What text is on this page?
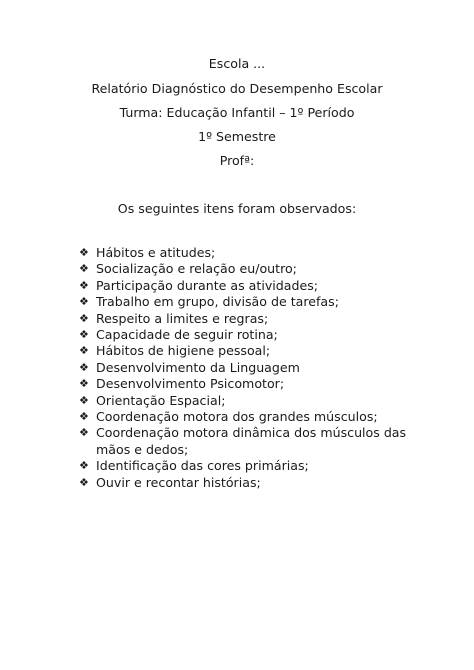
Escola ...
Relatório Diagnóstico do Desempenho Escolar
Turma: Educação Infantil – 1º Período
1º Semestre
Profª:
Os seguintes itens foram observados:
❖ Hábitos e atitudes;
❖ Socialização e relação eu/outro;
❖ Participação durante as atividades;
❖ Trabalho em grupo, divisão de tarefas;
❖ Respeito a limites e regras;
❖ Capacidade de seguir rotina;
❖ Hábitos de higiene pessoal;
❖ Desenvolvimento da Linguagem
❖ Desenvolvimento Psicomotor;
❖ Orientação Espacial;
❖ Coordenação motora dos grandes músculos;
❖ Coordenação motora dinâmica dos músculos das mãos e dedos;
❖ Identificação das cores primárias;
❖ Ouvir e recontar histórias;
